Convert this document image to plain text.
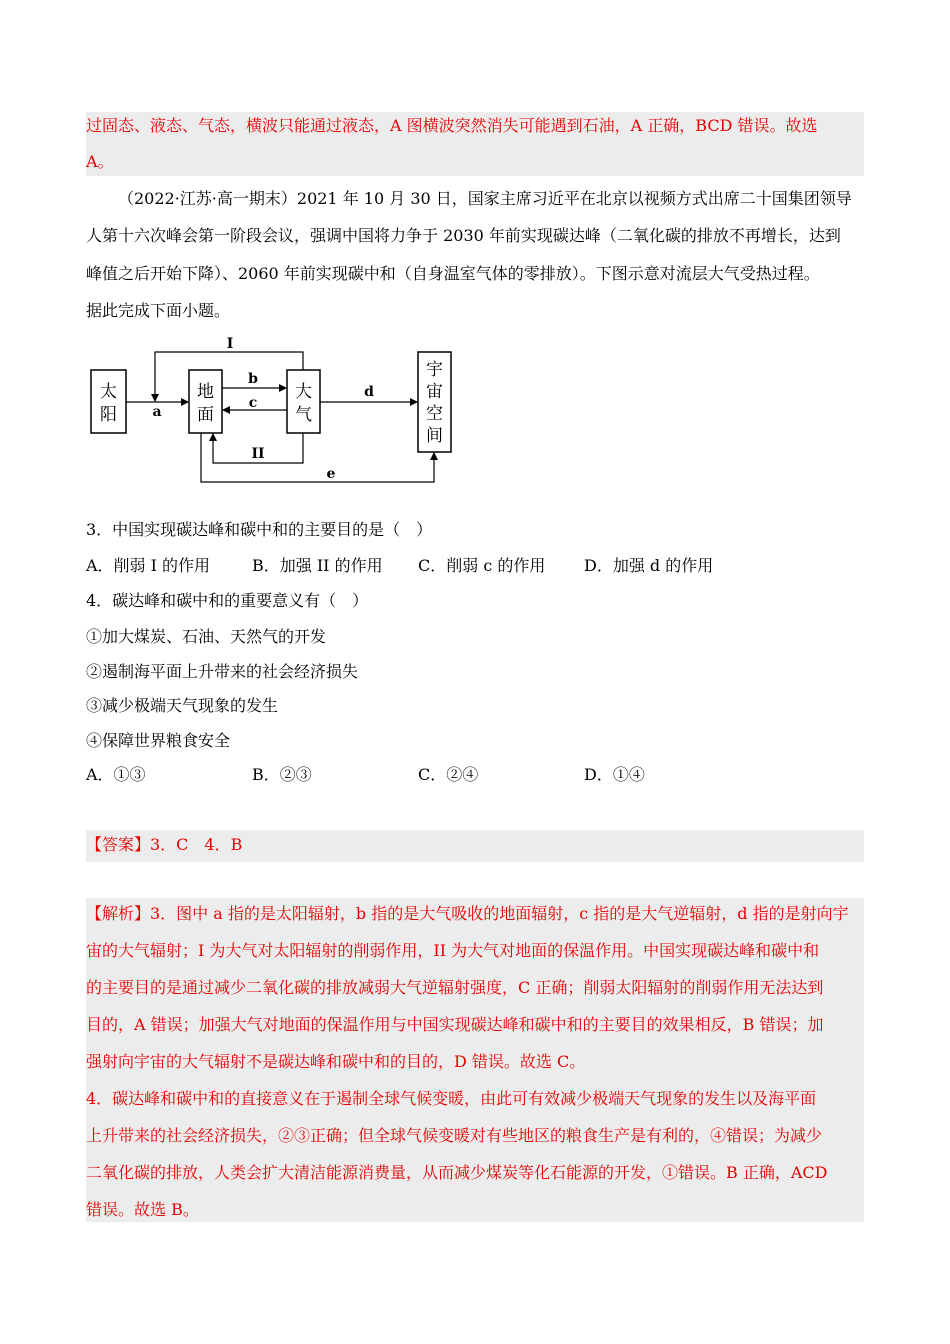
过固态、液态、气态，横波只能通过液态，A 图横波突然消失可能遇到石油，A 正确，BCD 错误。故选
A。
（2022·江苏·高一期末）2021 年 10 月 30 日，国家主席习近平在北京以视频方式出席二十国集团领导
人第十六次峰会第一阶段会议，强调中国将力争于 2030 年前实现碳达峰（二氧化碳的排放不再增长，达到
峰值之后开始下降）、2060 年前实现碳中和（自身温室气体的零排放）。下图示意对流层大气受热过程。
据此完成下面小题。
太
阳
地
面
大
气
宇
宙
空
间
a
I
b
c
II
d
e
3．中国实现碳达峰和碳中和的主要目的是（　）
A．削弱 I 的作用	B．加强 II 的作用 C．削弱 c 的作用 D．加强 d 的作用
4．碳达峰和碳中和的重要意义有（　）
①加大煤炭、石油、天然气的开发
②遏制海平面上升带来的社会经济损失
③减少极端天气现象的发生
④保障世界粮食安全
A．①③	B．②③	C．②④	D．①④
【答案】3．C　4．B
【解析】3．图中 a 指的是太阳辐射，b 指的是大气吸收的地面辐射，c 指的是大气逆辐射，d 指的是射向宇
宙的大气辐射；I 为大气对太阳辐射的削弱作用，II 为大气对地面的保温作用。中国实现碳达峰和碳中和
的主要目的是通过减少二氧化碳的排放减弱大气逆辐射强度，C 正确；削弱太阳辐射的削弱作用无法达到
目的，A 错误；加强大气对地面的保温作用与中国实现碳达峰和碳中和的主要目的效果相反，B 错误；加
强射向宇宙的大气辐射不是碳达峰和碳中和的目的，D 错误。故选 C。
4．碳达峰和碳中和的直接意义在于遏制全球气候变暖，由此可有效减少极端天气现象的发生以及海平面
上升带来的社会经济损失，②③正确；但全球气候变暖对有些地区的粮食生产是有利的，④错误；为减少
二氧化碳的排放，人类会扩大清洁能源消费量，从而减少煤炭等化石能源的开发，①错误。B 正确，ACD
错误。故选 B。
